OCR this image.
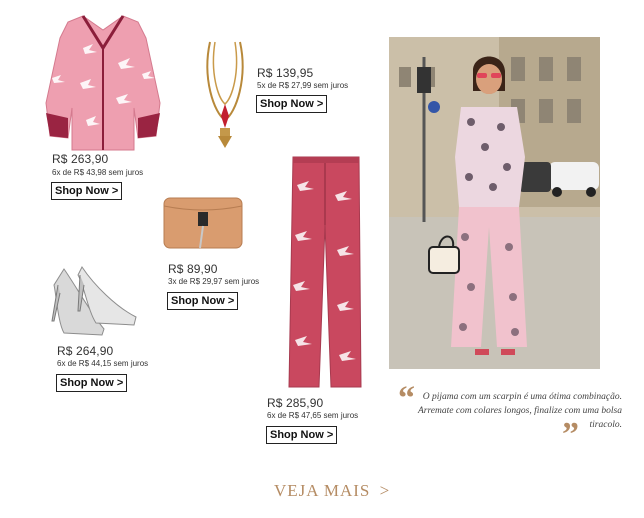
R$ 263,90
6x de R$ 43,98 sem juros
Shop Now >
R$ 139,95
5x de R$ 27,99 sem juros
Shop Now >
R$ 89,90
3x de R$ 29,97 sem juros
Shop Now >
R$ 264,90
6x de R$ 44,15 sem juros
Shop Now >
R$ 285,90
6x de R$ 47,65 sem juros
Shop Now >
“ O pijama com um scarpin é uma ótima combinação. Arremate com colares longos, finalize com uma bolsa tiracolo.
”
VEJA MAIS >
